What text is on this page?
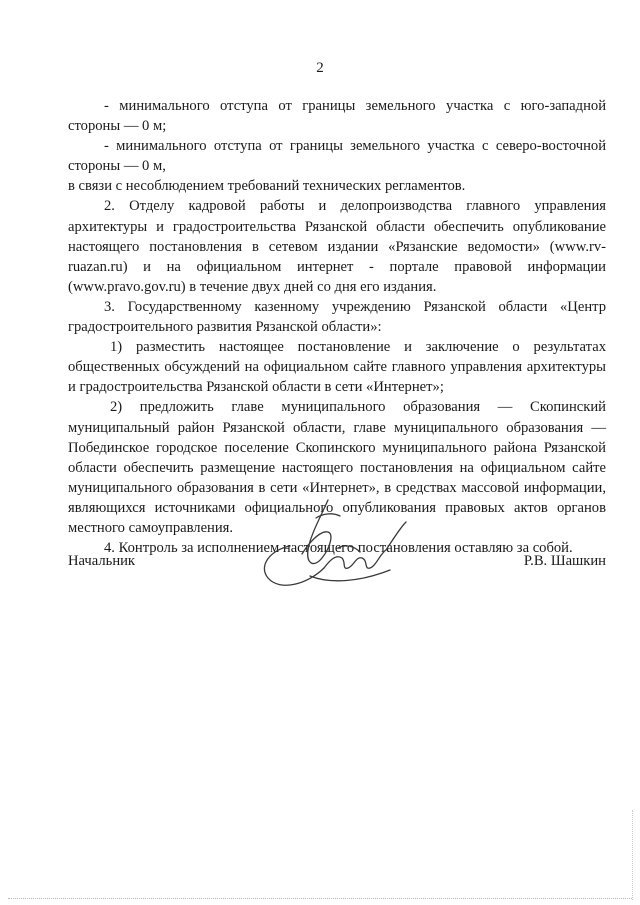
2

- минимального отступа от границы земельного участка с юго-западной стороны — 0 м;

- минимального отступа от границы земельного участка с северо-восточной стороны — 0 м,

в связи с несоблюдением требований технических регламентов.

2. Отделу кадровой работы и делопроизводства главного управления архитектуры и градостроительства Рязанской области обеспечить опубликование настоящего постановления в сетевом издании «Рязанские ведомости» (www.rv-ruazan.ru) и на официальном интернет - портале правовой информации (www.pravo.gov.ru) в течение двух дней со дня его издания.

3. Государственному казенному учреждению Рязанской области «Центр градостроительного развития Рязанской области»:

1) разместить настоящее постановление и заключение о результатах общественных обсуждений на официальном сайте главного управления архитектуры и градостроительства Рязанской области в сети «Интернет»;

2) предложить главе муниципального образования — Скопинский муниципальный район Рязанской области, главе муниципального образования — Побединское городское поселение Скопинского муниципального района Рязанской области обеспечить размещение настоящего постановления на официальном сайте муниципального образования в сети «Интернет», в средствах массовой информации, являющихся источниками официального опубликования правовых актов органов местного самоуправления.

4. Контроль за исполнением настоящего постановления оставляю за собой.

Начальник	Р.В. Шашкин
